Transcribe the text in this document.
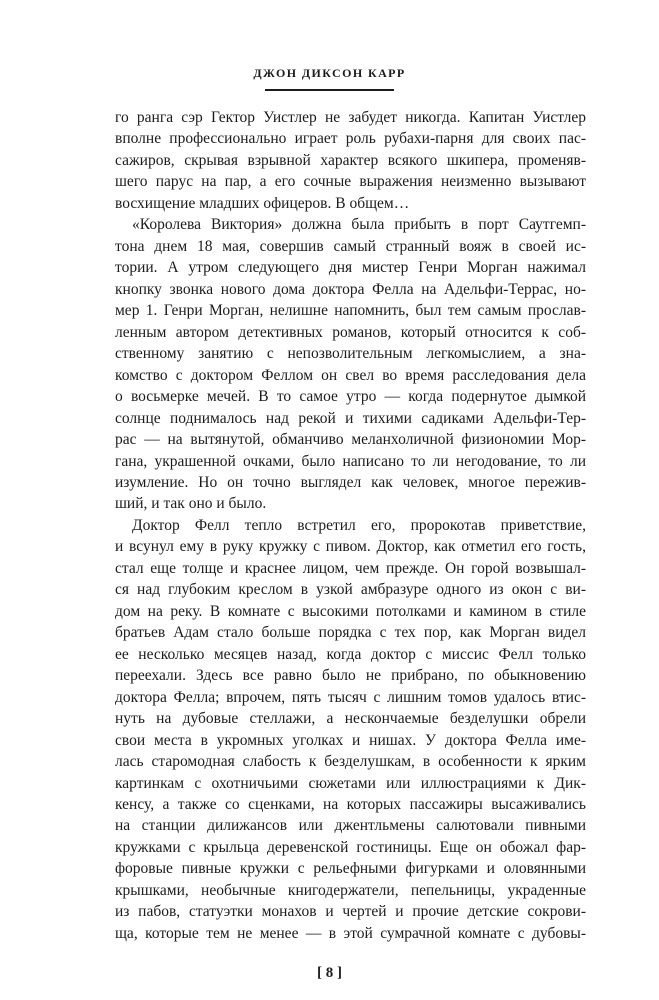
ДЖОН ДИКСОН КАРР
го ранга сэр Гектор Уистлер не забудет никогда. Капитан Уистлер
вполне профессионально играет роль рубахи-парня для своих пас-
сажиров, скрывая взрывной характер всякого шкипера, променяв-
шего парус на пар, а его сочные выражения неизменно вызывают
восхищение младших офицеров. В общем…
«Королева Виктория» должна была прибыть в порт Саутгемп-
тона днем 18 мая, совершив самый странный вояж в своей ис-
тории. А утром следующего дня мистер Генри Морган нажимал
кнопку звонка нового дома доктора Фелла на Адельфи-Террас, но-
мер 1. Генри Морган, нелишне напомнить, был тем самым прослав-
ленным автором детективных романов, который относится к соб-
ственному занятию с непозволительным легкомыслием, а зна-
комство с доктором Феллом он свел во время расследования дела
о восьмерке мечей. В то самое утро — когда подернутое дымкой
солнце поднималось над рекой и тихими садиками Адельфи-Тер-
рас — на вытянутой, обманчиво меланхоличной физиономии Мор-
гана, украшенной очками, было написано то ли негодование, то ли
изумление. Но он точно выглядел как человек, многое пережив-
ший, и так оно и было.
Доктор Фелл тепло встретил его, пророкотав приветствие,
и всунул ему в руку кружку с пивом. Доктор, как отметил его гость,
стал еще толще и краснее лицом, чем прежде. Он горой возвышал-
ся над глубоким креслом в узкой амбразуре одного из окон с ви-
дом на реку. В комнате с высокими потолками и камином в стиле
братьев Адам стало больше порядка с тех пор, как Морган видел
ее несколько месяцев назад, когда доктор с миссис Фелл только
переехали. Здесь все равно было не прибрано, по обыкновению
доктора Фелла; впрочем, пять тысяч с лишним томов удалось втис-
нуть на дубовые стеллажи, а нескончаемые безделушки обрели
свои места в укромных уголках и нишах. У доктора Фелла име-
лась старомодная слабость к безделушкам, в особенности к ярким
картинкам с охотничьими сюжетами или иллюстрациями к Дик-
кенсу, а также со сценками, на которых пассажиры высаживались
на станции дилижансов или джентльмены салютовали пивными
кружками с крыльца деревенской гостиницы. Еще он обожал фар-
форовые пивные кружки с рельефными фигурками и оловянными
крышками, необычные книгодержатели, пепельницы, украденные
из пабов, статуэтки монахов и чертей и прочие детские сокрови-
ща, которые тем не менее — в этой сумрачной комнате с дубовы-
[ 8 ]
